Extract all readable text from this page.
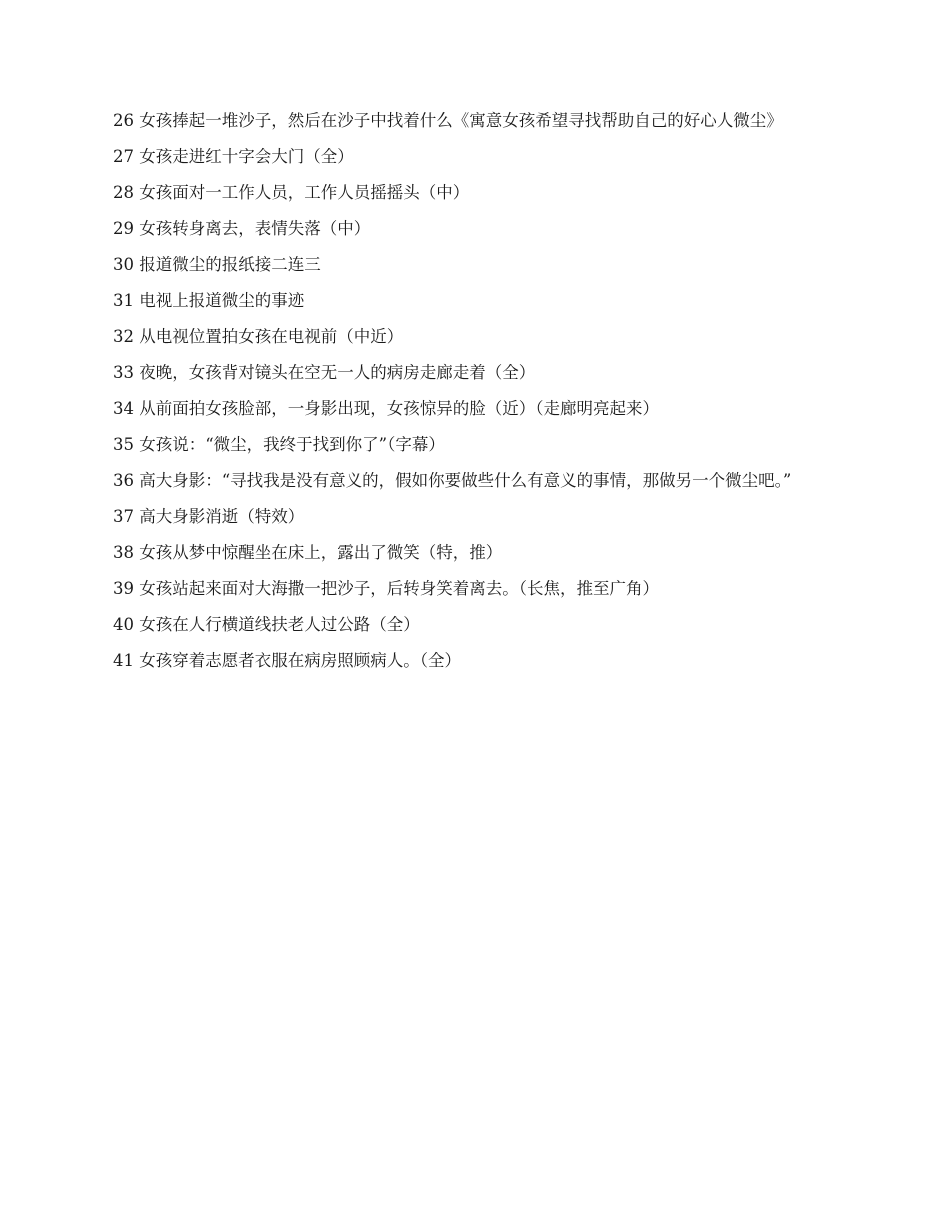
26 女孩捧起一堆沙子，然后在沙子中找着什么《寓意女孩希望寻找帮助自己的好心人微尘》

27 女孩走进红十字会大门（全）

28 女孩面对一工作人员，工作人员摇摇头（中）

29 女孩转身离去，表情失落（中）

30 报道微尘的报纸接二连三

31 电视上报道微尘的事迹

32 从电视位置拍女孩在电视前（中近）

33 夜晚，女孩背对镜头在空无一人的病房走廊走着（全）

34 从前面拍女孩脸部，一身影出现，女孩惊异的脸（近）（走廊明亮起来）

35 女孩说：“微尘，我终于找到你了”（字幕）

36 高大身影：“寻找我是没有意义的，假如你要做些什么有意义的事情，那做另一个微尘吧。”

37 高大身影消逝（特效）

38 女孩从梦中惊醒坐在床上，露出了微笑（特，推）

39 女孩站起来面对大海撒一把沙子，后转身笑着离去。（长焦，推至广角）

40 女孩在人行横道线扶老人过公路（全）

41 女孩穿着志愿者衣服在病房照顾病人。（全）
